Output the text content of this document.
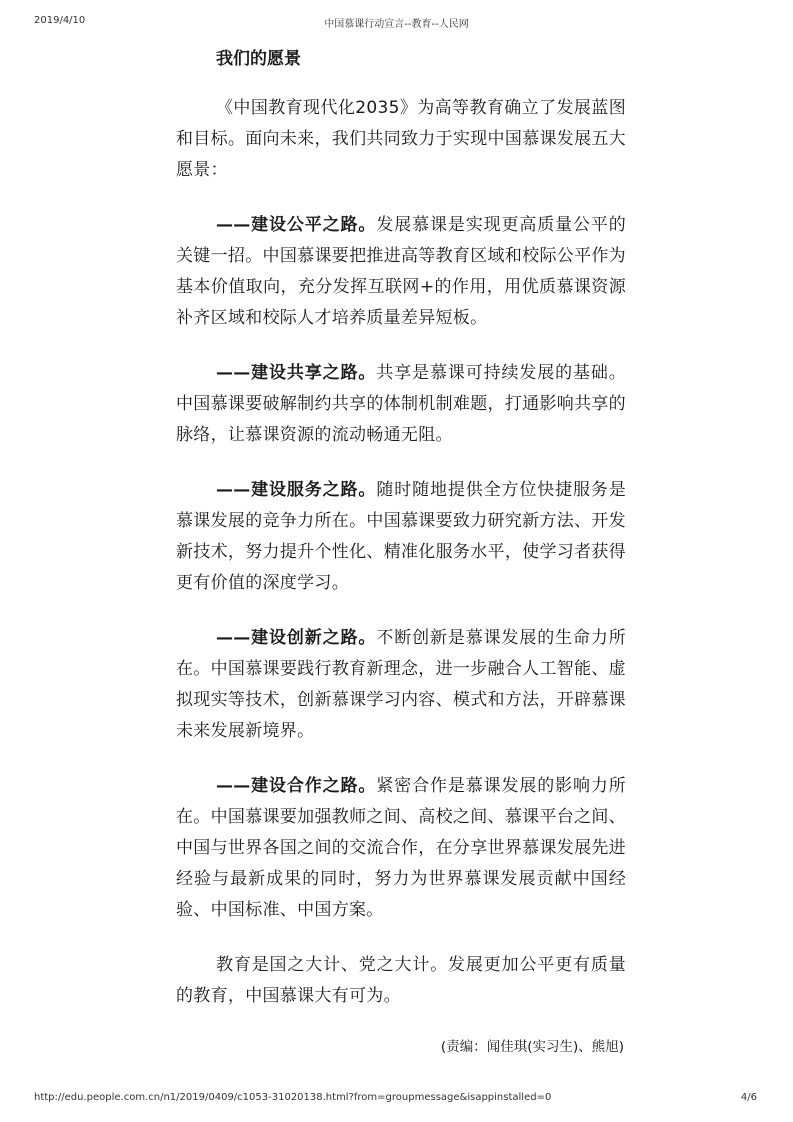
2019/4/10	中国慕课行动宣言--教育--人民网
我们的愿景

《中国教育现代化2035》为高等教育确立了发展蓝图和目标。面向未来，我们共同致力于实现中国慕课发展五大愿景：

——建设公平之路。发展慕课是实现更高质量公平的关键一招。中国慕课要把推进高等教育区域和校际公平作为基本价值取向，充分发挥互联网+的作用，用优质慕课资源补齐区域和校际人才培养质量差异短板。

——建设共享之路。共享是慕课可持续发展的基础。中国慕课要破解制约共享的体制机制难题，打通影响共享的脉络，让慕课资源的流动畅通无阻。

——建设服务之路。随时随地提供全方位快捷服务是慕课发展的竞争力所在。中国慕课要致力研究新方法、开发新技术，努力提升个性化、精准化服务水平，使学习者获得更有价值的深度学习。

——建设创新之路。不断创新是慕课发展的生命力所在。中国慕课要践行教育新理念，进一步融合人工智能、虚拟现实等技术，创新慕课学习内容、模式和方法，开辟慕课未来发展新境界。

——建设合作之路。紧密合作是慕课发展的影响力所在。中国慕课要加强教师之间、高校之间、慕课平台之间、中国与世界各国之间的交流合作，在分享世界慕课发展先进经验与最新成果的同时，努力为世界慕课发展贡献中国经验、中国标准、中国方案。

教育是国之大计、党之大计。发展更加公平更有质量的教育，中国慕课大有可为。

(责编：闻佳琪(实习生)、熊旭)
http://edu.people.com.cn/n1/2019/0409/c1053-31020138.html?from=groupmessage&isappinstalled=0	4/6
